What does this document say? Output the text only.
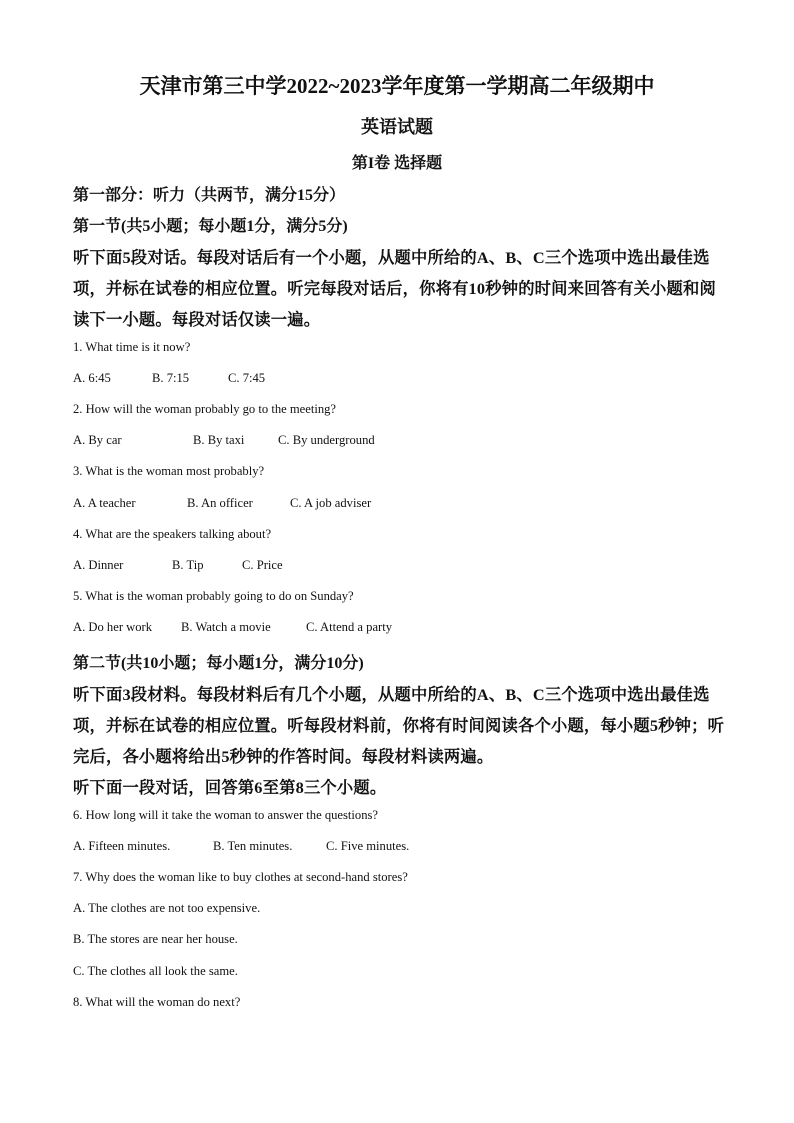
天津市第三中学2022~2023学年度第一学期高二年级期中
英语试题
第I卷 选择题
第一部分：听力（共两节，满分15分）
第一节(共5小题；每小题1分，满分5分)
听下面5段对话。每段对话后有一个小题，从题中所给的A、B、C三个选项中选出最佳选
项，并标在试卷的相应位置。听完每段对话后，你将有10秒钟的时间来回答有关小题和阅
读下一小题。每段对话仅读一遍。
1. What time is it now?
A. 6:45	B. 7:15	C. 7:45
2. How will the woman probably go to the meeting?
A. By car	B. By taxi	C. By underground
3. What is the woman most probably?
A. A teacher	B. An officer	C. A job adviser
4. What are the speakers talking about?
A. Dinner	B. Tip	C. Price
5. What is the woman probably going to do on Sunday?
A. Do her work B. Watch a movie	C. Attend a party
第二节(共10小题；每小题1分，满分10分)
听下面3段材料。每段材料后有几个小题，从题中所给的A、B、C三个选项中选出最佳选
项，并标在试卷的相应位置。听每段材料前，你将有时间阅读各个小题，每小题5秒钟；听
完后，各小题将给出5秒钟的作答时间。每段材料读两遍。
听下面一段对话，回答第6至第8三个小题。
6. How long will it take the woman to answer the questions?
A. Fifteen minutes.	B. Ten minutes.	C. Five minutes.
7. Why does the woman like to buy clothes at second-hand stores?
A. The clothes are not too expensive.
B. The stores are near her house.
C. The clothes all look the same.
8. What will the woman do next?
